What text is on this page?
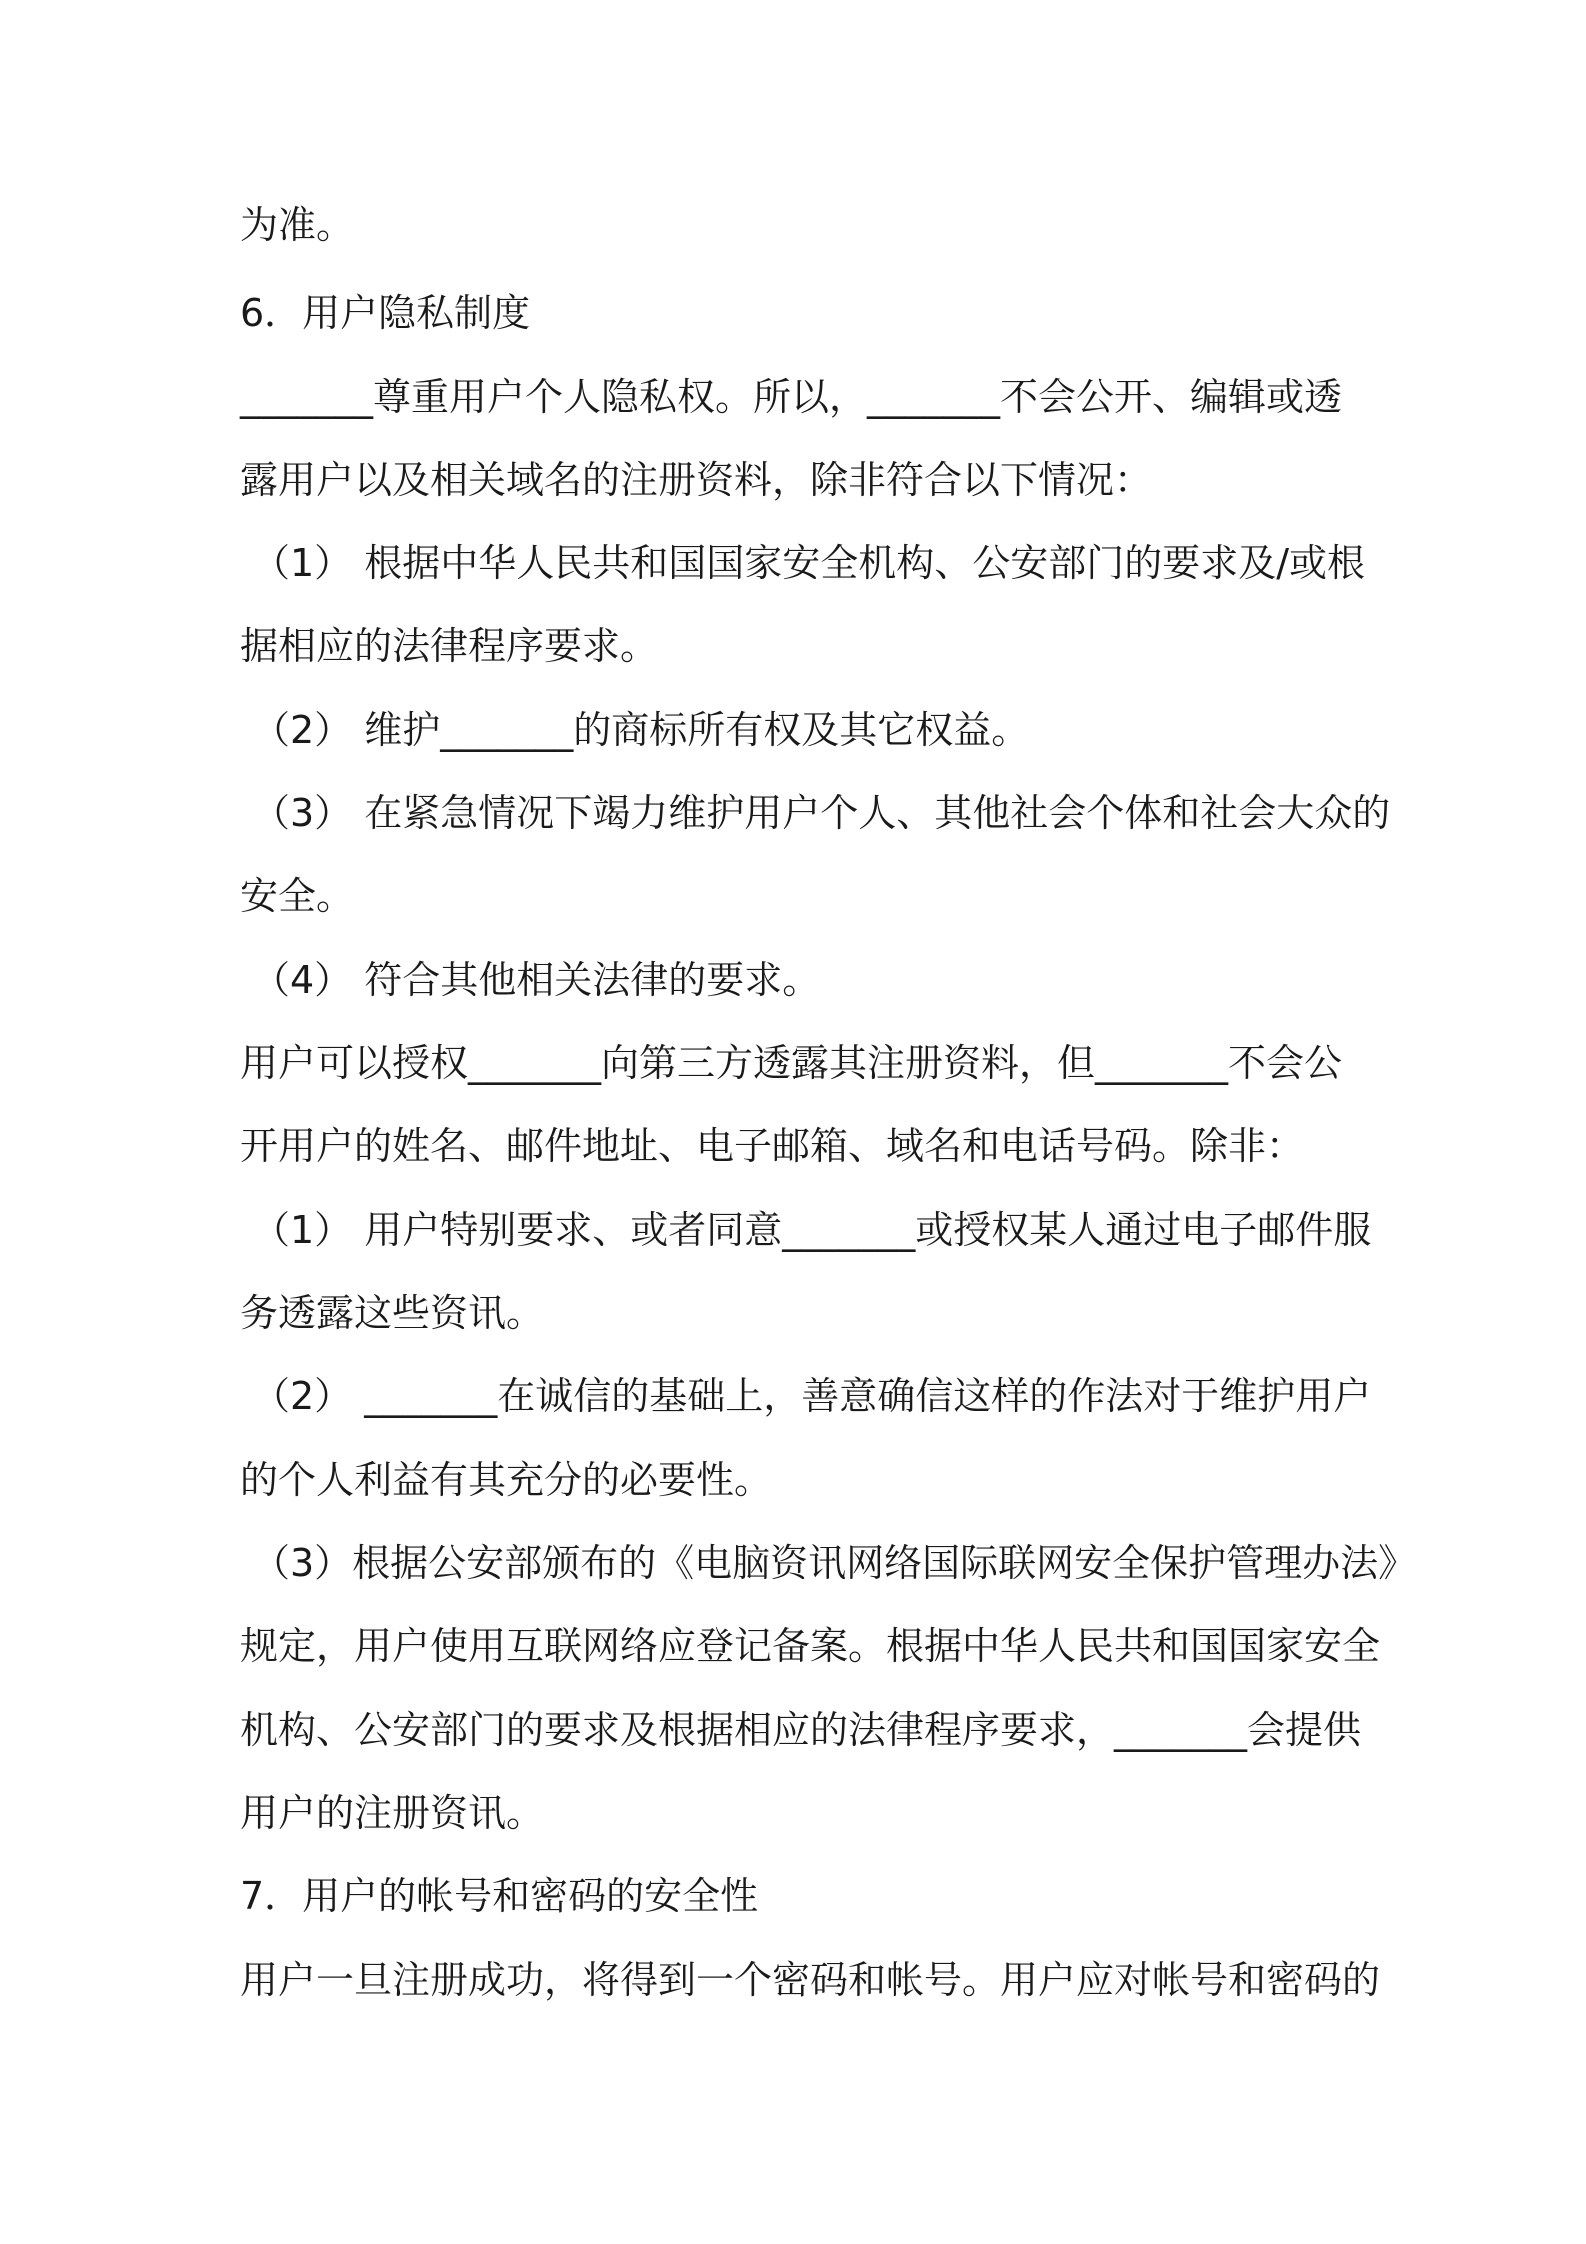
为准。
6．用户隐私制度
_______尊重用户个人隐私权。所以，_______不会公开、编辑或透
露用户以及相关域名的注册资料，除非符合以下情况：
（1） 根据中华人民共和国国家安全机构、公安部门的要求及/或根
据相应的法律程序要求。
（2） 维护_______的商标所有权及其它权益。
（3） 在紧急情况下竭力维护用户个人、其他社会个体和社会大众的
安全。
（4） 符合其他相关法律的要求。
用户可以授权_______向第三方透露其注册资料，但_______不会公
开用户的姓名、邮件地址、电子邮箱、域名和电话号码。除非：
（1） 用户特别要求、或者同意_______或授权某人通过电子邮件服
务透露这些资讯。
（2） _______在诚信的基础上，善意确信这样的作法对于维护用户
的个人利益有其充分的必要性。
（3）根据公安部颁布的《电脑资讯网络国际联网安全保护管理办法》
规定，用户使用互联网络应登记备案。根据中华人民共和国国家安全
机构、公安部门的要求及根据相应的法律程序要求，_______会提供
用户的注册资讯。
7．用户的帐号和密码的安全性
用户一旦注册成功，将得到一个密码和帐号。用户应对帐号和密码的
